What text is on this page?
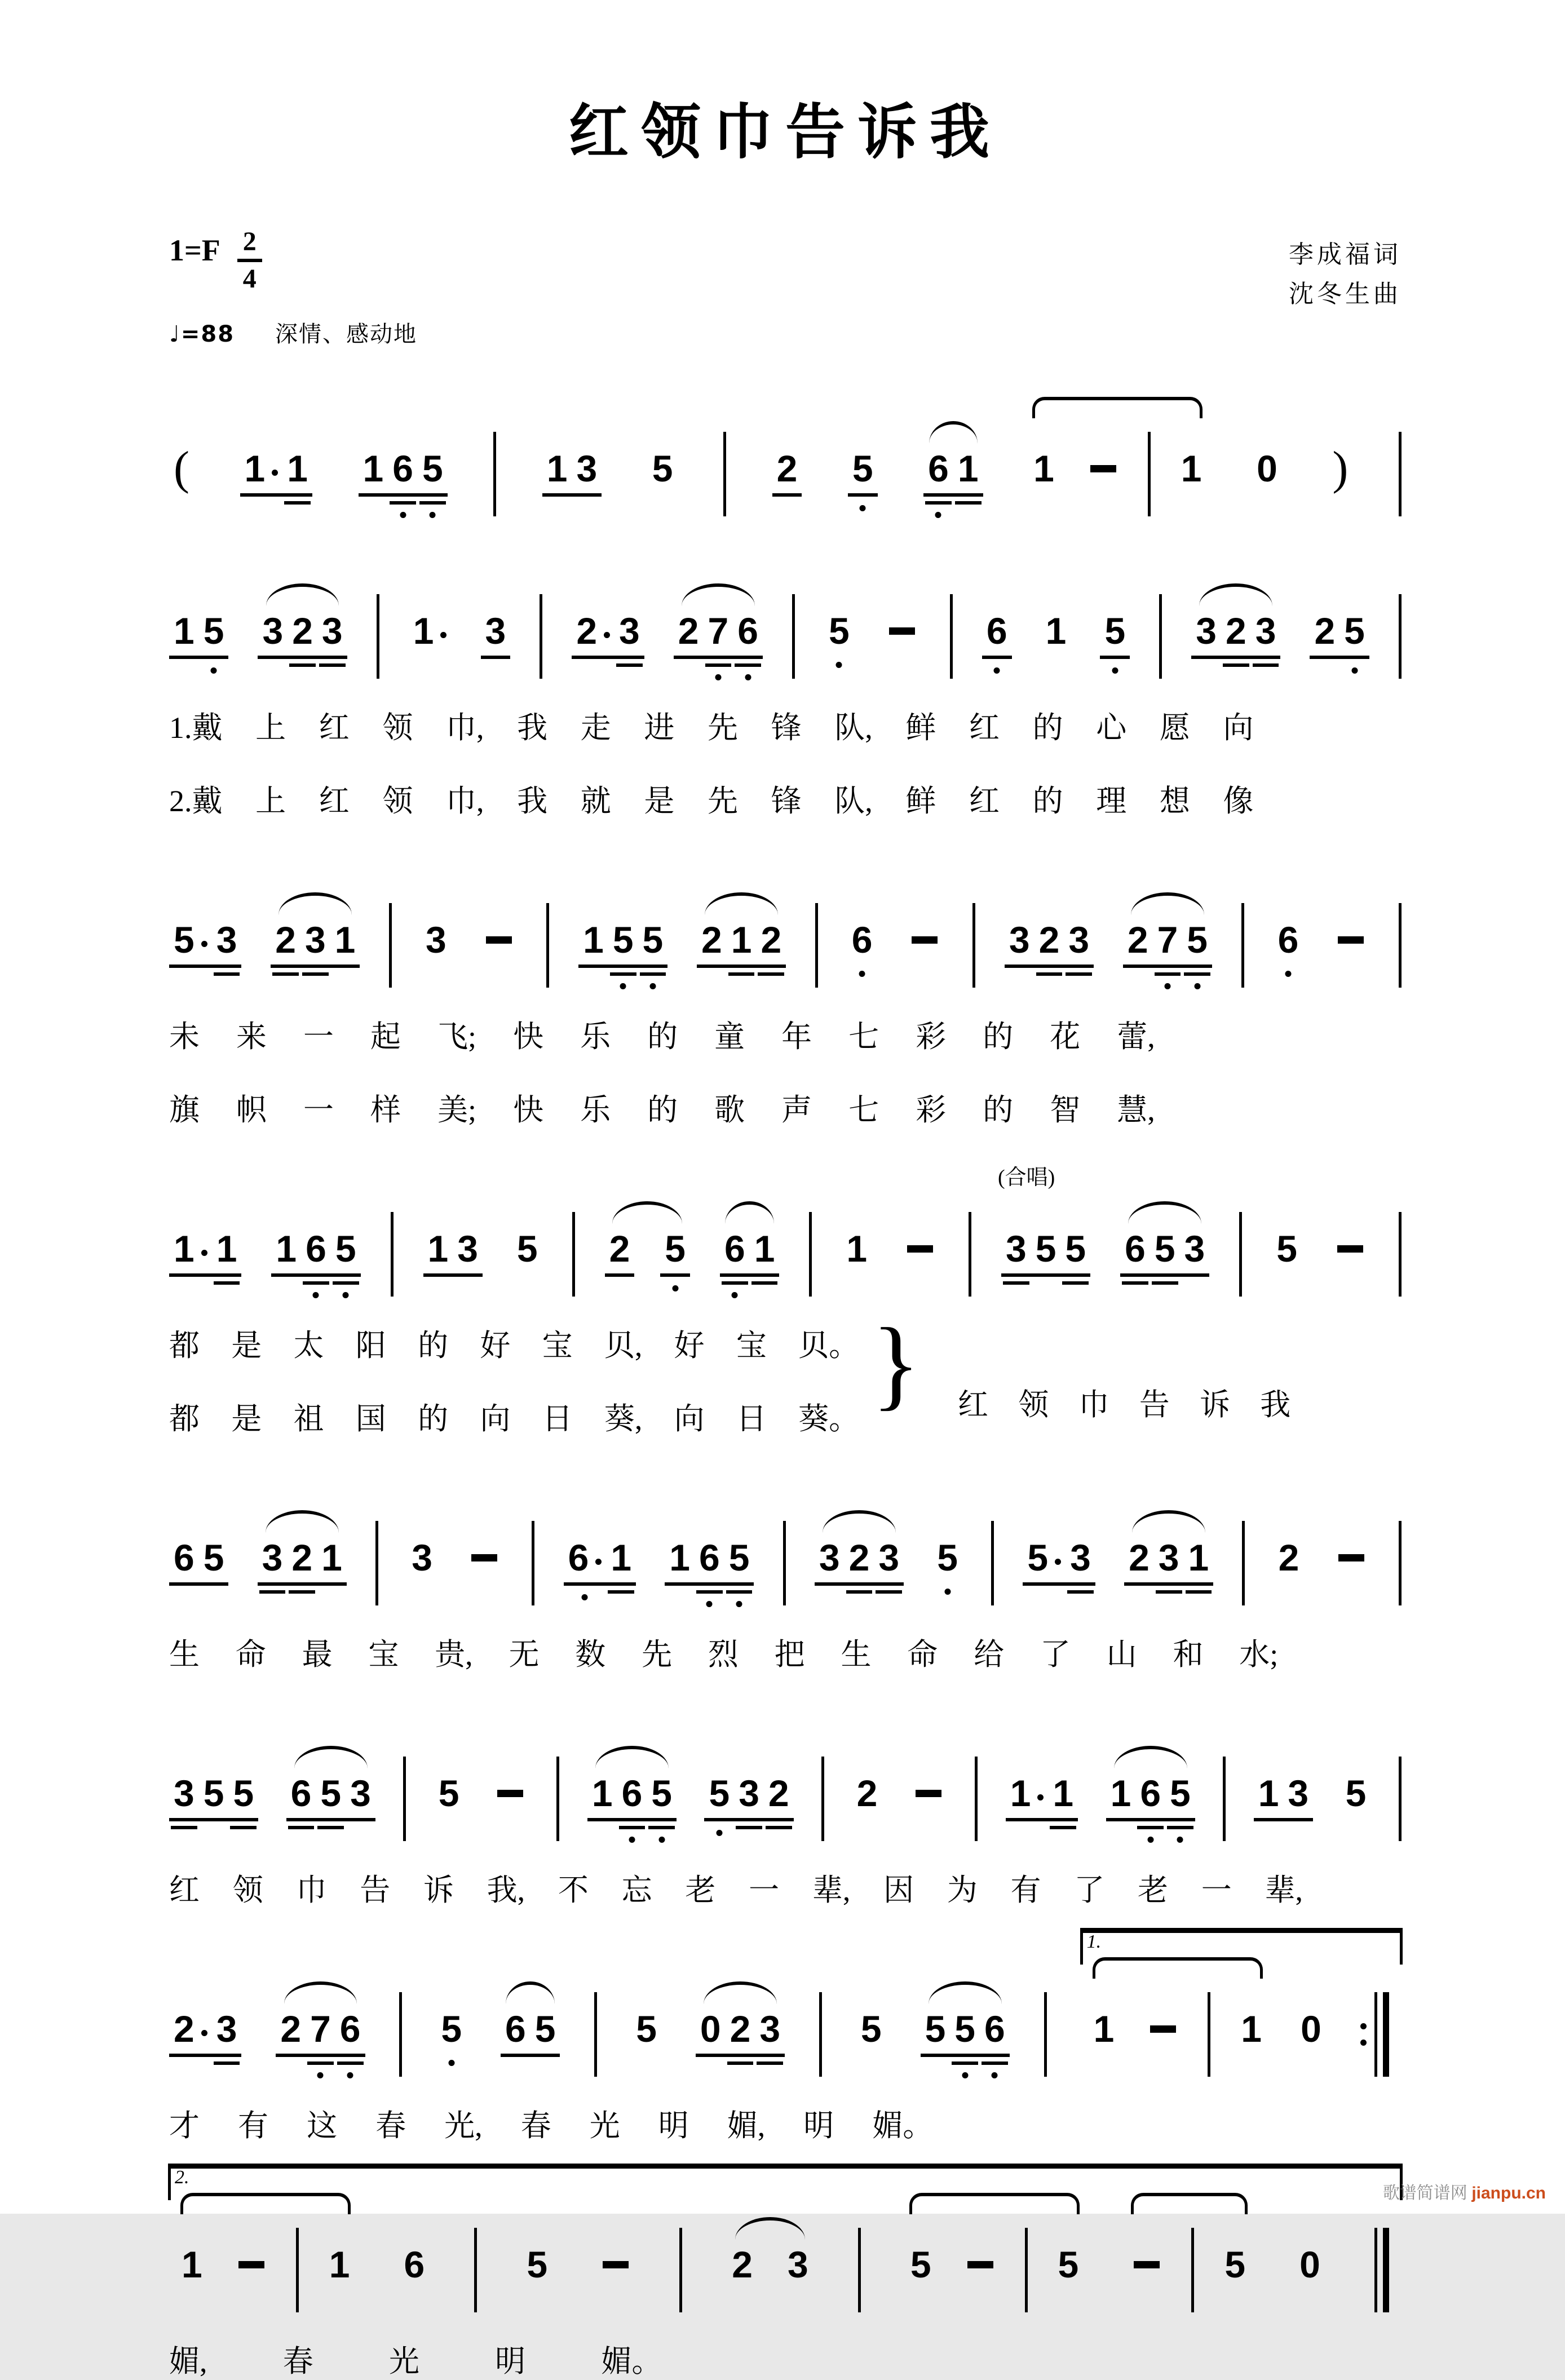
红领巾告诉我
1=F 2
4
♩=88 深情、感动地
李成福词
沈冬生曲
( 1 1 1 6 5	1 3 5	2 5 6 1 1	1 0 )
1 5 3 2 3 1	3 2 3 2 7 6 5	6 1 5 3 2 3 2 5
1.戴 上 红 领 巾, 我 走 进 先 锋 队, 鲜 红 的 心 愿 向
2.戴 上 红 领 巾, 我 就 是 先 锋 队, 鲜 红 的 理 想 像
5 3 2 3 1 3	1 5 5 2 1 2 6	3 2 3 2 7 5 6
未 来 一 起 飞; 快 乐 的 童 年 七 彩 的 花 蕾,
旗 帜 一 样 美; 快 乐 的 歌 声 七 彩 的 智 慧,
1 1 1 6 5 1 3 5 2 5 6 1 1
(合唱)
3 5 5 6 5 3 5
都 是 太 阳 的 好 宝 贝, 好 宝 贝。
都 是 祖 国 的 向 日 葵, 向 日 葵。	红 领 巾 告 诉 我
}
6 5 3 2 1 3	6 1 1 6 5 3 2 3 5 5 3 2 3 1 2
生 命 最 宝 贵, 无 数 先 烈 把 生 命 给 了 山 和 水;
3 5 5 6 5 3 5	1 6 5 5 3 2 2	1 1 1 6 5 1 3 5
红 领 巾 告 诉 我, 不 忘 老 一 辈, 因 为 有 了 老 一 辈,
2 3 2 7 6 5 6 5 5 0 2 3 5 5 5 6
1.
1	1 0
才 有 这 春 光, 春 光 明 媚, 明 媚。
2.
1	1 6	5	2 3	5	5	5 0
媚, 春 光 明 媚。
歌谱简谱网 jianpu.cn
